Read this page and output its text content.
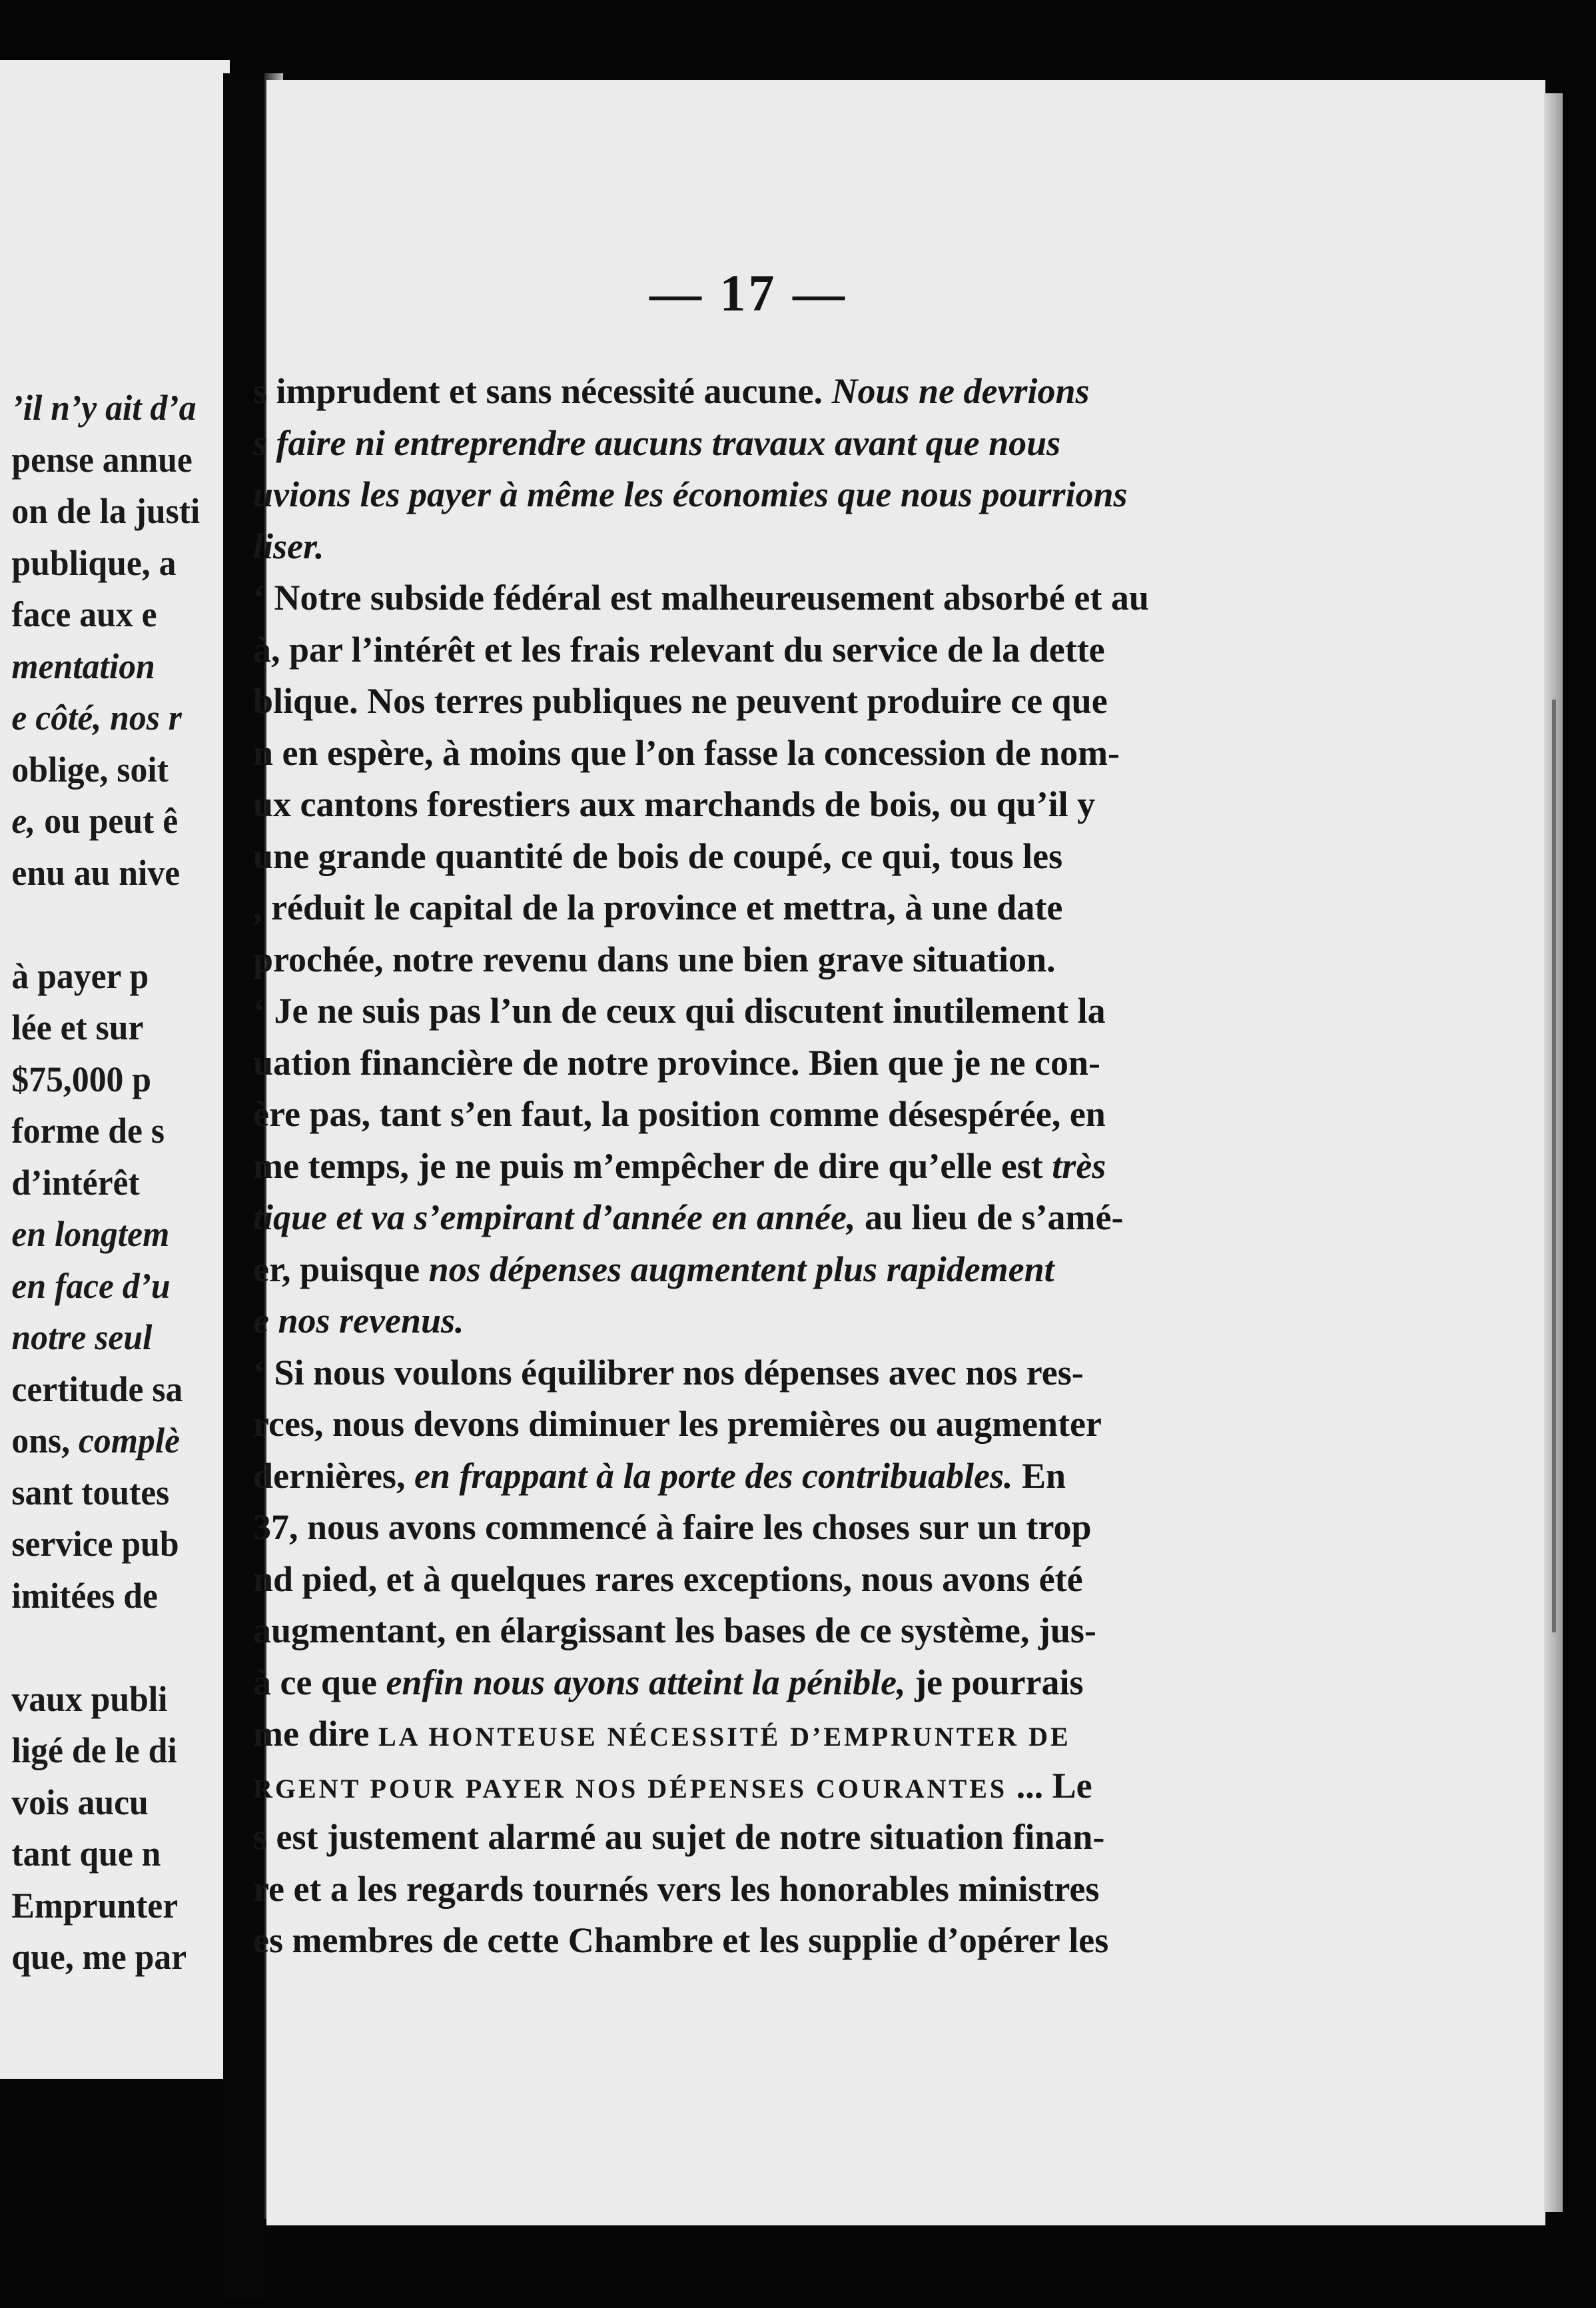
’il n’y ait d’a
pense annue
on de la justi
publique, a
face aux e
mentation
e côté, nos r
oblige, soit
e, ou peut ê
enu au nive
à payer p
lée et sur
$75,000 p
forme de s
d’intérêt
en longtem
en face d’u
notre seul
certitude sa
ons, complè
sant toutes
service pub
imitées de
vaux publi
ligé de le di
vois aucu
tant que n
Emprunter
que, me par
— 17 —
s imprudent et sans nécessité aucune. Nous ne devrions
s faire ni entreprendre aucuns travaux avant que nous
uvions les payer à même les économies que nous pourrions
liser.
‘ Notre subside fédéral est malheureusement absorbé et au
à, par l’intérêt et les frais relevant du service de la dette
blique. Nos terres publiques ne peuvent produire ce que
n en espère, à moins que l’on fasse la concession de nom-
ux cantons forestiers aux marchands de bois, ou qu’il y
une grande quantité de bois de coupé, ce qui, tous les
, réduit le capital de la province et mettra, à une date
prochée, notre revenu dans une bien grave situation.
‘ Je ne suis pas l’un de ceux qui discutent inutilement la
uation financière de notre province. Bien que je ne con-
ère pas, tant s’en faut, la position comme désespérée, en
me temps, je ne puis m’empêcher de dire qu’elle est très
tique et va s’empirant d’année en année, au lieu de s’amé-
er, puisque nos dépenses augmentent plus rapidement
e nos revenus.
‘ Si nous voulons équilibrer nos dépenses avec nos res-
rces, nous devons diminuer les premières ou augmenter
dernières, en frappant à la porte des contribuables. En
37, nous avons commencé à faire les choses sur un trop
nd pied, et à quelques rares exceptions, nous avons été
augmentant, en élargissant les bases de ce système, jus-
à ce que enfin nous ayons atteint la pénible, je pourrais
me dire LA HONTEUSE NÉCESSITÉ D’EMPRUNTER DE
RGENT POUR PAYER NOS DÉPENSES COURANTES ... Le
s est justement alarmé au sujet de notre situation finan-
re et a les regards tournés vers les honorables ministres
es membres de cette Chambre et les supplie d’opérer les
